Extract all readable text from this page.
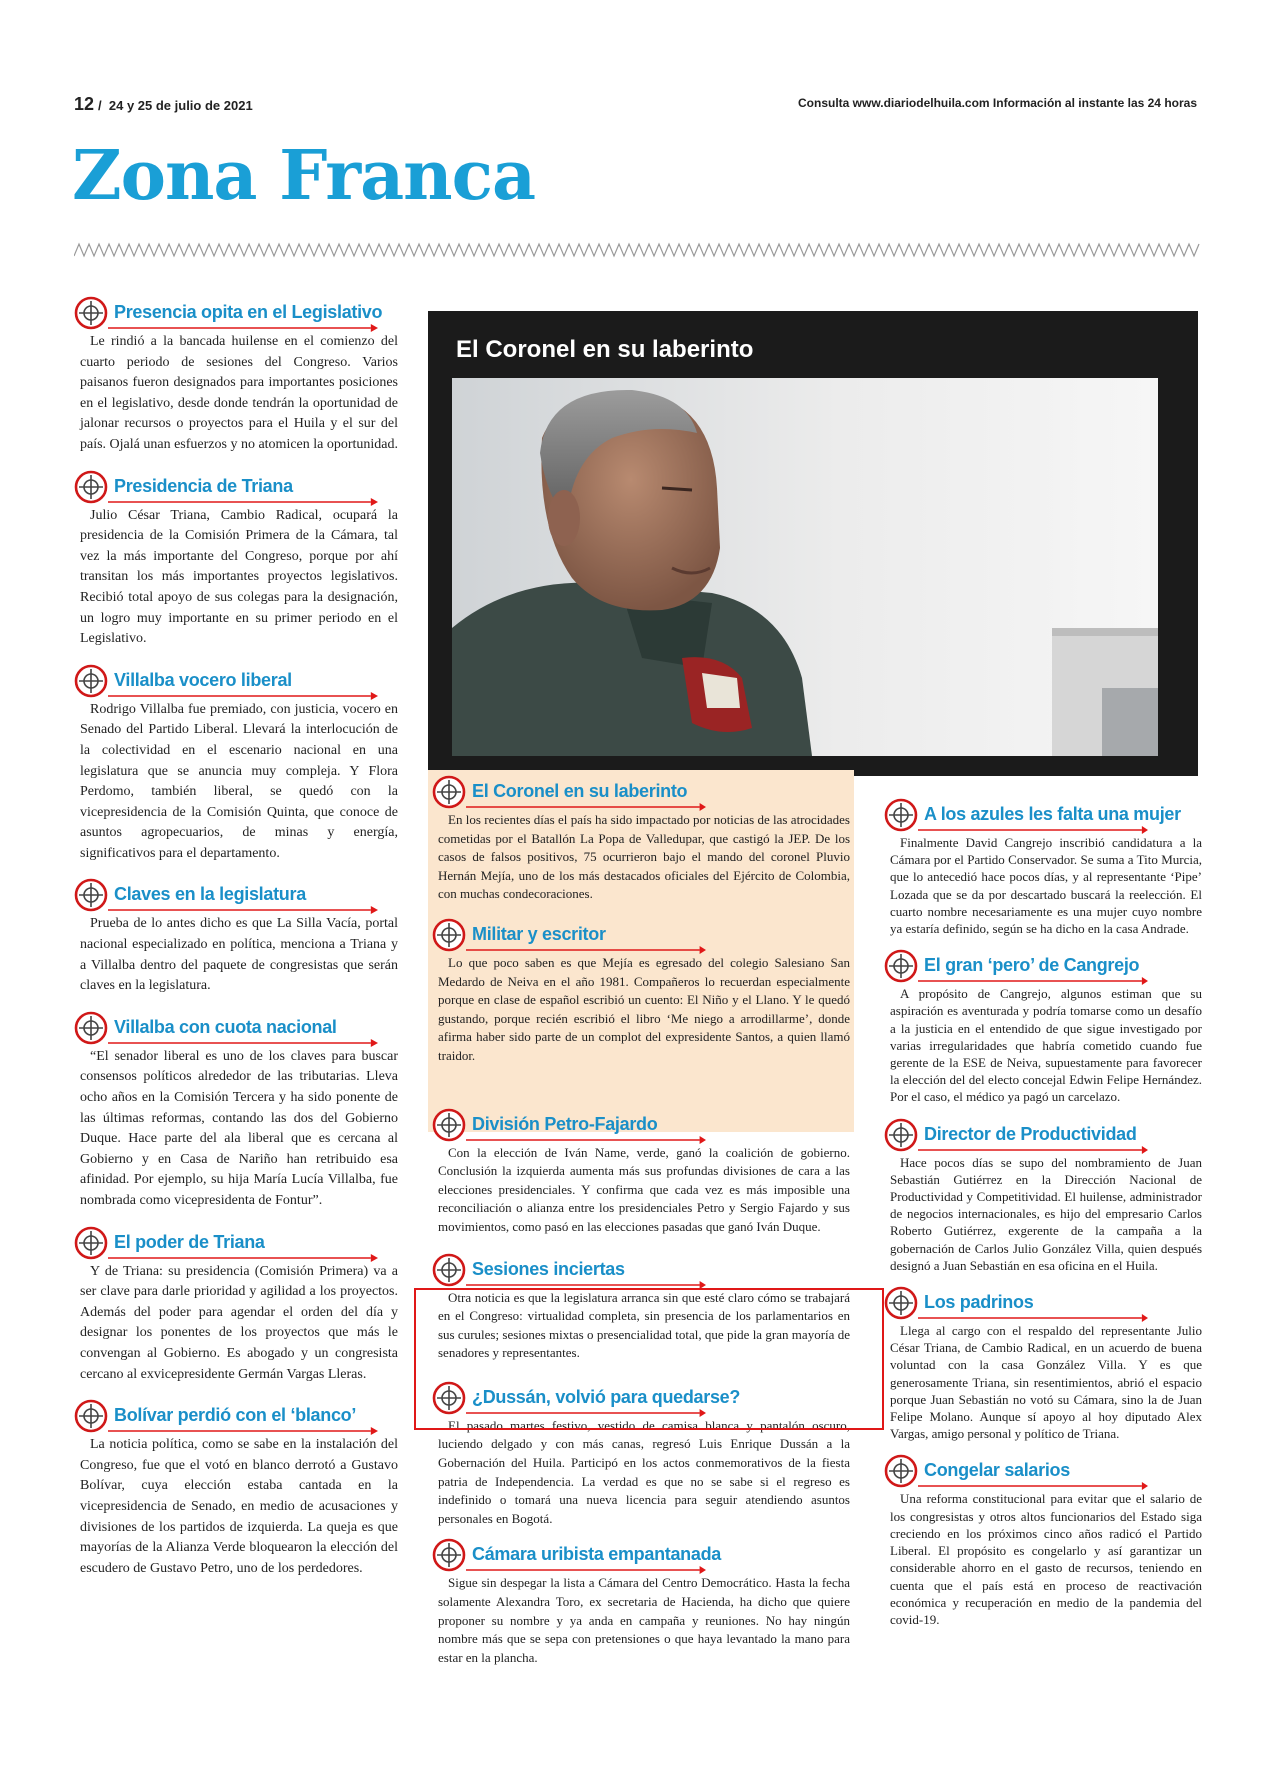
12 /  24 y 25 de julio de 2021	Consulta www.diariodelhuila.com Información al instante las 24 horas
Zona Franca
Presencia opita en el Legislativo

Le rindió a la bancada huilense en el comienzo del cuarto periodo de sesiones del Congreso. Varios paisanos fueron designados para importantes posiciones en el legislativo, desde donde tendrán la oportunidad de jalonar recursos o proyectos para el Huila y el sur del país. Ojalá unan esfuerzos y no atomicen la oportunidad.

Presidencia de Triana

Julio César Triana, Cambio Radical, ocupará la presidencia de la Comisión Primera de la Cámara, tal vez la más importante del Congreso, porque por ahí transitan los más importantes proyectos legislativos. Recibió total apoyo de sus colegas para la designación, un logro muy importante en su primer periodo en el Legislativo.

Villalba vocero liberal

Rodrigo Villalba fue premiado, con justicia, vocero en Senado del Partido Liberal. Llevará la interlocución de la colectividad en el escenario nacional en una legislatura que se anuncia muy compleja. Y Flora Perdomo, también liberal, se quedó con la vicepresidencia de la Comisión Quinta, que conoce de asuntos agropecuarios, de minas y energía, significativos para el departamento.

Claves en la legislatura

Prueba de lo antes dicho es que La Silla Vacía, portal nacional especializado en política, menciona a Triana y a Villalba dentro del paquete de congresistas que serán claves en la legislatura.

Villalba con cuota nacional

“El senador liberal es uno de los claves para buscar consensos políticos alrededor de las tributarias. Lleva ocho años en la Comisión Tercera y ha sido ponente de las últimas reformas, contando las dos del Gobierno Duque. Hace parte del ala liberal que es cercana al Gobierno y en Casa de Nariño han retribuido esa afinidad. Por ejemplo, su hija María Lucía Villalba, fue nombrada como vicepresidenta de Fontur”.

El poder de Triana

Y de Triana: su presidencia (Comisión Primera) va a ser clave para darle prioridad y agilidad a los proyectos. Además del poder para agendar el orden del día y designar los ponentes de los proyectos que más le convengan al Gobierno. Es abogado y un congresista cercano al exvicepresidente Germán Vargas Lleras.

Bolívar perdió con el ‘blanco’

La noticia política, como se sabe en la instalación del Congreso, fue que el votó en blanco derrotó a Gustavo Bolívar, cuya elección estaba cantada en la vicepresidencia de Senado, en medio de acusaciones y divisiones de los partidos de izquierda. La queja es que mayorías de la Alianza Verde bloquearon la elección del escudero de Gustavo Petro, uno de los perdedores.

El Coronel en su laberinto
El Coronel en su laberinto

En los recientes días el país ha sido impactado por noticias de las atrocidades cometidas por el Batallón La Popa de Valledupar, que castigó la JEP. De los casos de falsos positivos, 75 ocurrieron bajo el mando del coronel Pluvio Hernán Mejía, uno de los más destacados oficiales del Ejército de Colombia, con muchas condecoraciones.

Militar y escritor

Lo que poco saben es que Mejía es egresado del colegio Salesiano San Medardo de Neiva en el año 1981. Compañeros lo recuerdan especialmente porque en clase de español escribió un cuento: El Niño y el Llano. Y le quedó gustando, porque recién escribió el libro ‘Me niego a arrodillarme’, donde afirma haber sido parte de un complot del expresidente Santos, a quien llamó traidor.

División Petro-Fajardo

Con la elección de Iván Name, verde, ganó la coalición de gobierno. Conclusión la izquierda aumenta más sus profundas divisiones de cara a las elecciones presidenciales. Y confirma que cada vez es más imposible una reconciliación o alianza entre los presidenciales Petro y Sergio Fajardo y sus movimientos, como pasó en las elecciones pasadas que ganó Iván Duque.

Sesiones inciertas

Otra noticia es que la legislatura arranca sin que esté claro cómo se trabajará en el Congreso: virtualidad completa, sin presencia de los parlamentarios en sus curules; sesiones mixtas o presencialidad total, que pide la gran mayoría de senadores y representantes.

¿Dussán, volvió para quedarse?

El pasado martes festivo, vestido de camisa blanca y pantalón oscuro, luciendo delgado y con más canas, regresó Luis Enrique Dussán a la Gobernación del Huila. Participó en los actos conmemorativos de la fiesta patria de Independencia. La verdad es que no se sabe si el regreso es indefinido o tomará una nueva licencia para seguir atendiendo asuntos personales en Bogotá.

Cámara uribista empantanada

Sigue sin despegar la lista a Cámara del Centro Democrático. Hasta la fecha solamente Alexandra Toro, ex secretaria de Hacienda, ha dicho que quiere proponer su nombre y ya anda en campaña y reuniones. No hay ningún nombre más que se sepa con pretensiones o que haya levantado la mano para estar en la plancha.

A los azules les falta una mujer

Finalmente David Cangrejo inscribió candidatura a la Cámara por el Partido Conservador. Se suma a Tito Murcia, que lo antecedió hace pocos días, y al representante ‘Pipe’ Lozada que se da por descartado buscará la reelección. El cuarto nombre necesariamente es una mujer cuyo nombre ya estaría definido, según se ha dicho en la casa Andrade.

El gran ‘pero’ de Cangrejo

A propósito de Cangrejo, algunos estiman que su aspiración es aventurada y podría tomarse como un desafío a la justicia en el entendido de que sigue investigado por varias irregularidades que habría cometido cuando fue gerente de la ESE de Neiva, supuestamente para favorecer la elección del del electo concejal Edwin Felipe Hernández. Por el caso, el médico ya pagó un carcelazo.

Director de Productividad

Hace pocos días se supo del nombramiento de Juan Sebastián Gutiérrez en la Dirección Nacional de Productividad y Competitividad. El huilense, administrador de negocios internacionales, es hijo del empresario Carlos Roberto Gutiérrez, exgerente de la campaña a la gobernación de Carlos Julio González Villa, quien después designó a Juan Sebastián en esa oficina en el Huila.

Los padrinos

Llega al cargo con el respaldo del representante Julio César Triana, de Cambio Radical, en un acuerdo de buena voluntad con la casa González Villa. Y es que generosamente Triana, sin resentimientos, abrió el espacio porque Juan Sebastián no votó su Cámara, sino la de Juan Felipe Molano. Aunque sí apoyo al hoy diputado Alex Vargas, amigo personal y político de Triana.

Congelar salarios

Una reforma constitucional para evitar que el salario de los congresistas y otros altos funcionarios del Estado siga creciendo en los próximos cinco años radicó el Partido Liberal. El propósito es congelarlo y así garantizar un considerable ahorro en el gasto de recursos, teniendo en cuenta que el país está en proceso de reactivación económica y recuperación en medio de la pandemia del covid-19.
